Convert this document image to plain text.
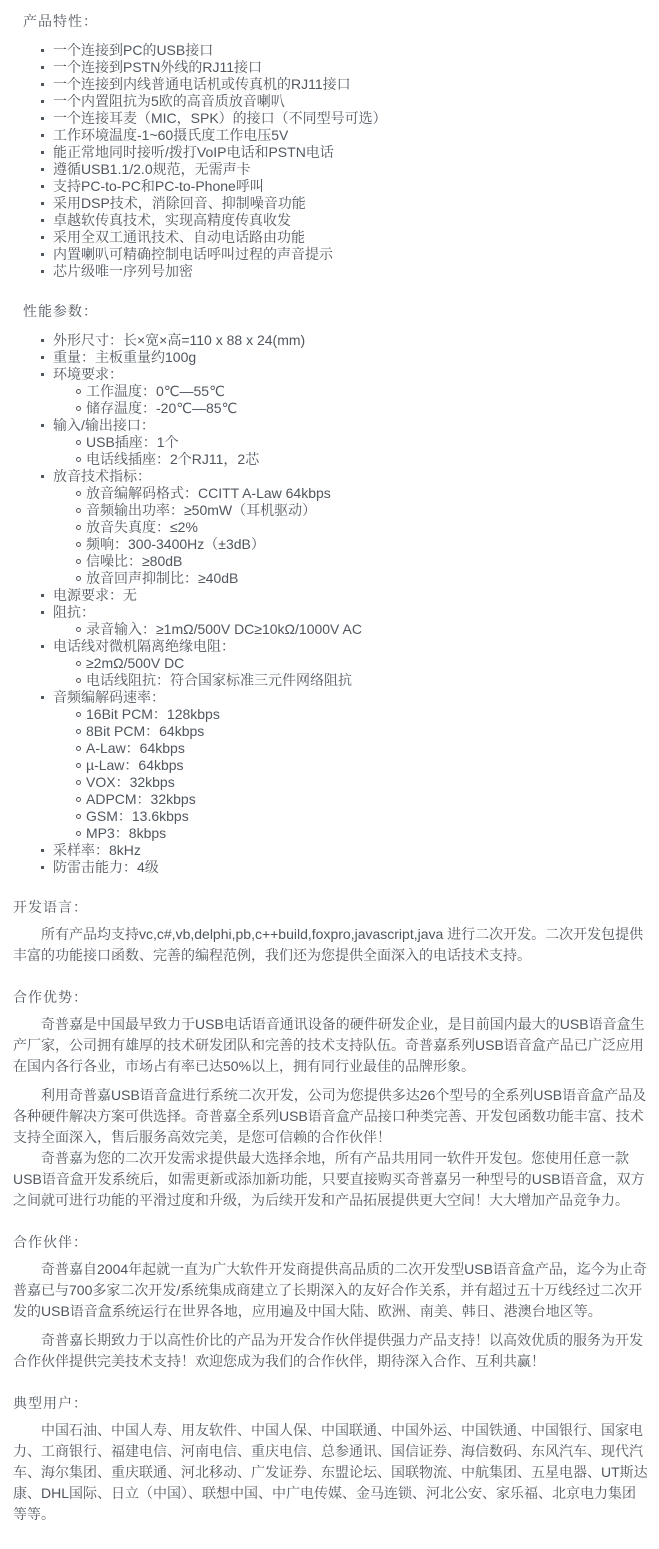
产品特性：
一个连接到PC的USB接口
一个连接到PSTN外线的RJ11接口
一个连接到内线普通电话机或传真机的RJ11接口
一个内置阻抗为5欧的高音质放音喇叭
一个连接耳麦（MIC，SPK）的接口（不同型号可选）
工作环境温度-1~60摄氏度工作电压5V
能正常地同时接听/拨打VoIP电话和PSTN电话
遵循USB1.1/2.0规范，无需声卡
支持PC-to-PC和PC-to-Phone呼叫
采用DSP技术，消除回音、抑制噪音功能
卓越软传真技术，实现高精度传真收发
采用全双工通讯技术、自动电话路由功能
内置喇叭可精确控制电话呼叫过程的声音提示
芯片级唯一序列号加密
性能参数：
外形尺寸：长×宽×高=110 x 88 x 24(mm)
重量：主板重量约100g
环境要求：
工作温度：0℃—55℃
储存温度：-20℃—85℃
输入/输出接口：
USB插座：1个
电话线插座：2个RJ11，2芯
放音技术指标：
放音编解码格式：CCITT A-Law 64kbps
音频输出功率：≥50mW（耳机驱动）
放音失真度：≤2%
频响：300-3400Hz（±3dB）
信噪比：≥80dB
放音回声抑制比：≥40dB
电源要求：无
阻抗：
录音输入：≥1mΩ/500V DC≥10kΩ/1000V AC
电话线对微机隔离绝缘电阻：
≥2mΩ/500V DC
电话线阻抗：符合国家标准三元件网络阻抗
音频编解码速率：
16Bit PCM：128kbps
8Bit PCM：64kbps
A-Law：64kbps
µ-Law：64kbps
VOX：32kbps
ADPCM：32kbps
GSM：13.6kbps
MP3：8kbps
采样率：8kHz
防雷击能力：4级
开发语言：

所有产品均支持vc,c#,vb,delphi,pb,c++build,foxpro,javascript,java 进行二次开发。二次开发包提供丰富的功能接口函数、完善的编程范例，我们还为您提供全面深入的电话技术支持。

合作优势：

奇普嘉是中国最早致力于USB电话语音通讯设备的硬件研发企业，是目前国内最大的USB语音盒生产厂家，公司拥有雄厚的技术研发团队和完善的技术支持队伍。奇普嘉系列USB语音盒产品已广泛应用在国内各行各业，市场占有率已达50%以上，拥有同行业最佳的品牌形象。

利用奇普嘉USB语音盒进行系统二次开发，公司为您提供多达26个型号的全系列USB语音盒产品及各种硬件解决方案可供选择。奇普嘉全系列USB语音盒产品接口种类完善、开发包函数功能丰富、技术支持全面深入，售后服务高效完美，是您可信赖的合作伙伴！

奇普嘉为您的二次开发需求提供最大选择余地，所有产品共用同一软件开发包。您使用任意一款USB语音盒开发系统后，如需更新或添加新功能，只要直接购买奇普嘉另一种型号的USB语音盒，双方之间就可进行功能的平滑过度和升级，为后续开发和产品拓展提供更大空间！大大增加产品竞争力。

合作伙伴：

奇普嘉自2004年起就一直为广大软件开发商提供高品质的二次开发型USB语音盒产品，迄今为止奇普嘉已与700多家二次开发/系统集成商建立了长期深入的友好合作关系，并有超过五十万线经过二次开发的USB语音盒系统运行在世界各地，应用遍及中国大陆、欧洲、南美、韩日、港澳台地区等。

奇普嘉长期致力于以高性价比的产品为开发合作伙伴提供强力产品支持！以高效优质的服务为开发合作伙伴提供完美技术支持！欢迎您成为我们的合作伙伴，期待深入合作、互利共赢！

典型用户：

中国石油、中国人寿、用友软件、中国人保、中国联通、中国外运、中国铁通、中国银行、国家电力、工商银行、福建电信、河南电信、重庆电信、总参通讯、国信证券、海信数码、东风汽车、现代汽车、海尔集团、重庆联通、河北移动、广发证券、东盟论坛、国联物流、中航集团、五星电器、UT斯达康、DHL国际、日立（中国）、联想中国、中广电传媒、金马连锁、河北公安、家乐福、北京电力集团等等。
